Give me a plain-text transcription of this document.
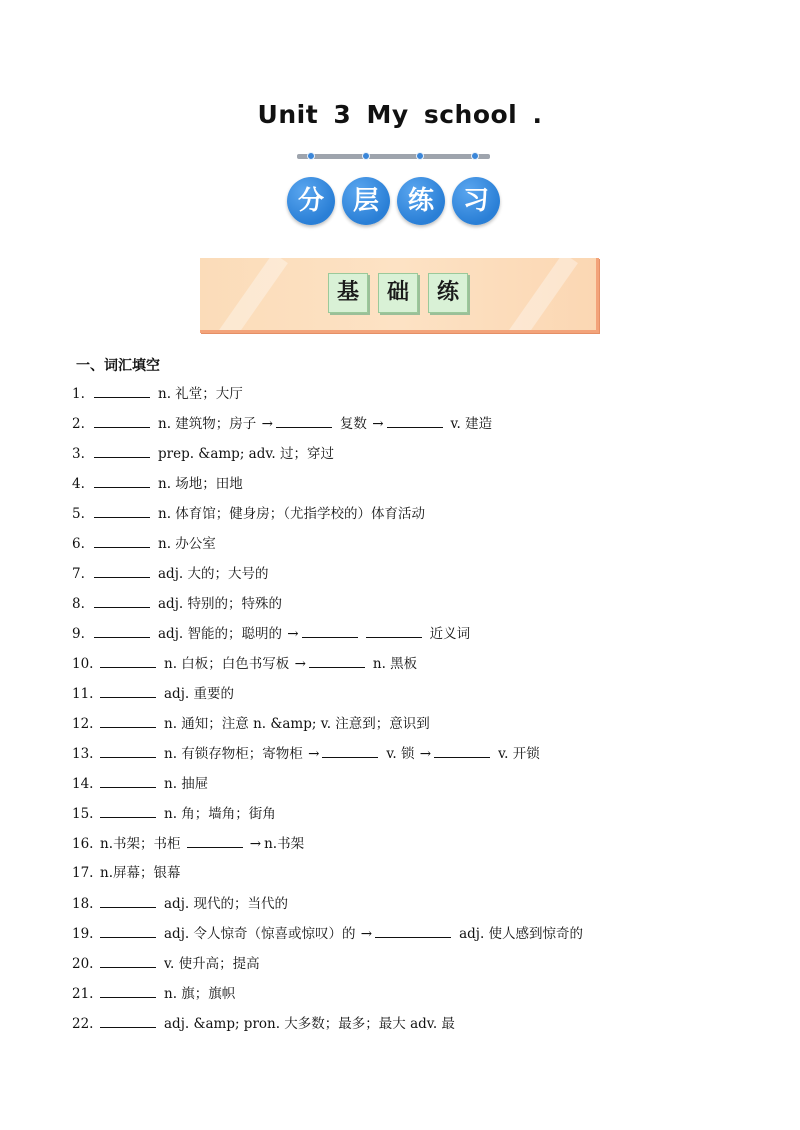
Unit 3 My school .
分	层	练	习
基	础	练
一、词汇填空
1.	n. 礼堂；大厅
2.	n. 建筑物；房子 →	复数 →	v. 建造
3.	prep. &amp; adv. 过；穿过
4.	n. 场地；田地
5.	n. 体育馆；健身房；（尤指学校的）体育活动
6.	n. 办公室
7.	adj. 大的；大号的
8.	adj. 特别的；特殊的
9.	adj. 智能的；聪明的 →	近义词
10.	n. 白板；白色书写板 →	n. 黑板
11.	adj. 重要的
12.	n. 通知；注意 n. &amp; v. 注意到；意识到
13.	n. 有锁存物柜；寄物柜 →	v. 锁 →	v. 开锁
14.	n. 抽屉
15.	n. 角；墙角；街角
16. n.书架；书柜	→ n.书架
17. n.屏幕；银幕
18.	adj. 现代的；当代的
19.	adj. 令人惊奇（惊喜或惊叹）的 →	adj. 使人感到惊奇的
20.	v. 使升高；提高
21.	n. 旗；旗帜
22.	adj. &amp; pron. 大多数；最多；最大 adv. 最
